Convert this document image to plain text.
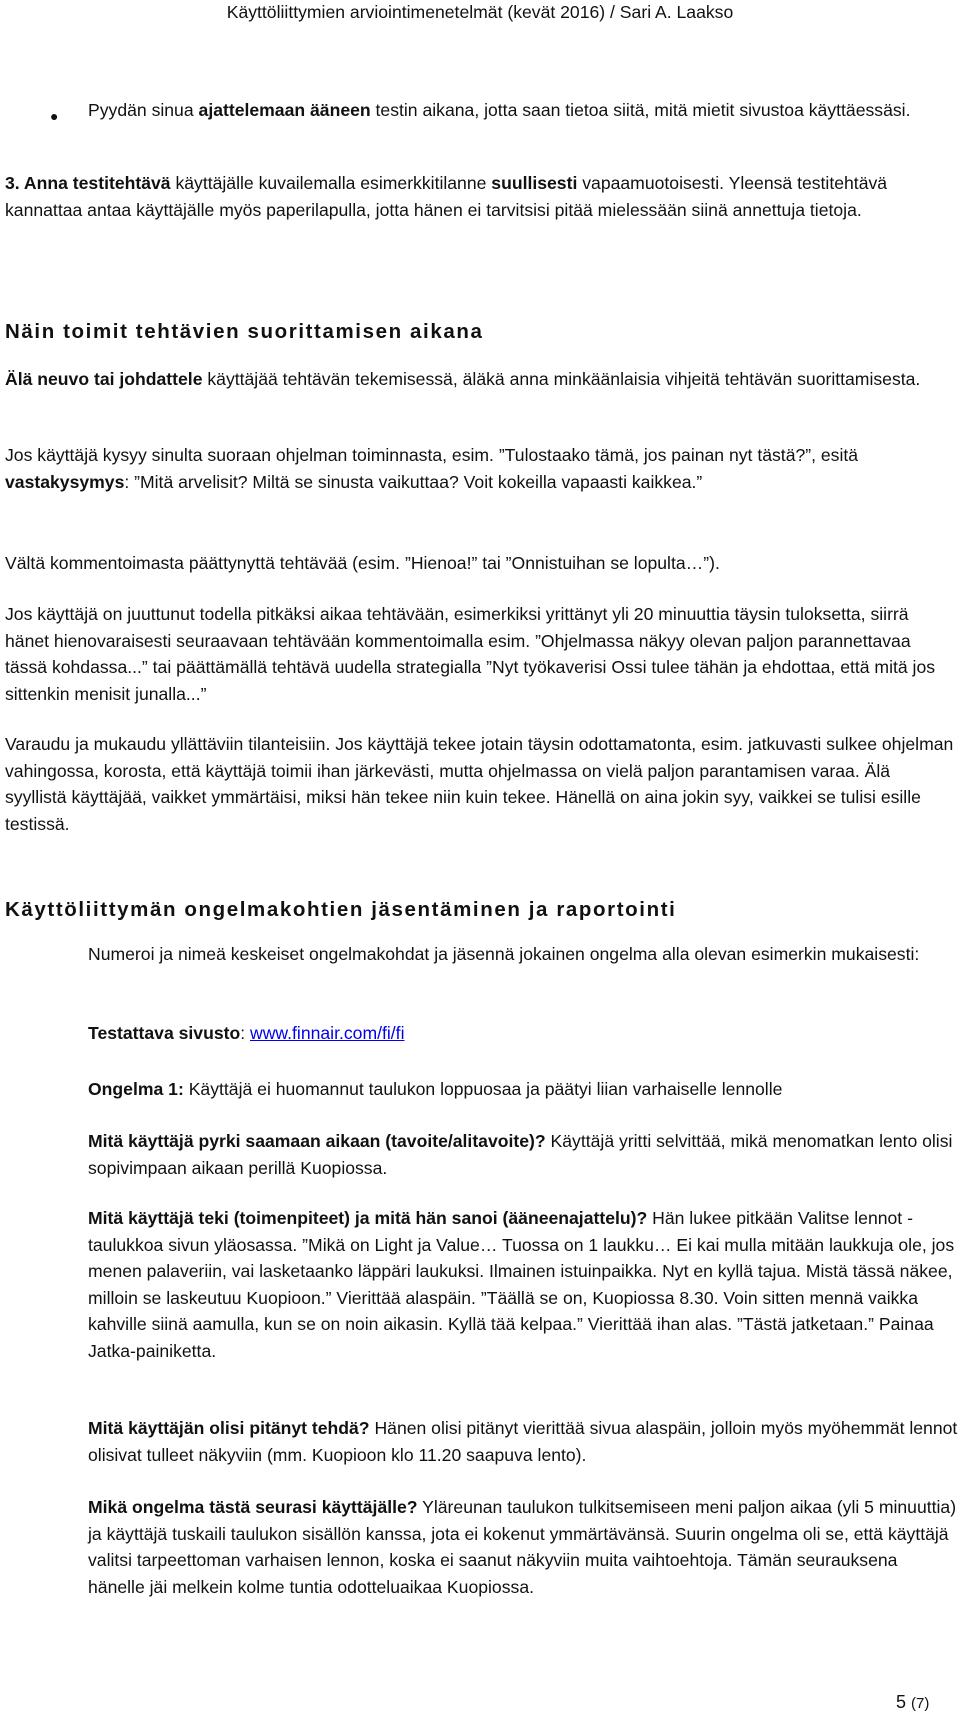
Käyttöliittymien arviointimenetelmät (kevät 2016) / Sari A. Laakso
● Pyydän sinua ajattelemaan ääneen testin aikana, jotta saan tietoa siitä, mitä mietit sivustoa käyttäessäsi.

3. Anna testitehtävä käyttäjälle kuvailemalla esimerkkitilanne suullisesti vapaamuotoisesti. Yleensä testitehtävä kannattaa antaa käyttäjälle myös paperilapulla, jotta hänen ei tarvitsisi pitää mielessään siinä annettuja tietoja.

Näin toimit tehtävien suorittamisen aikana

Älä neuvo tai johdattele käyttäjää tehtävän tekemisessä, äläkä anna minkäänlaisia vihjeitä tehtävän suorittamisesta.

Jos käyttäjä kysyy sinulta suoraan ohjelman toiminnasta, esim. ”Tulostaako tämä, jos painan nyt tästä?”, esitä vastakysymys: ”Mitä arvelisit? Miltä se sinusta vaikuttaa? Voit kokeilla vapaasti kaikkea.”

Vältä kommentoimasta päättynyttä tehtävää (esim. ”Hienoa!” tai ”Onnistuihan se lopulta…”).

Jos käyttäjä on juuttunut todella pitkäksi aikaa tehtävään, esimerkiksi yrittänyt yli 20 minuuttia täysin tuloksetta, siirrä hänet hienovaraisesti seuraavaan tehtävään kommentoimalla esim. ”Ohjelmassa näkyy olevan paljon parannettavaa tässä kohdassa...” tai päättämällä tehtävä uudella strategialla ”Nyt työkaverisi Ossi tulee tähän ja ehdottaa, että mitä jos sittenkin menisit junalla...”

Varaudu ja mukaudu yllättäviin tilanteisiin. Jos käyttäjä tekee jotain täysin odottamatonta, esim. jatkuvasti sulkee ohjelman vahingossa, korosta, että käyttäjä toimii ihan järkevästi, mutta ohjelmassa on vielä paljon parantamisen varaa. Älä syyllistä käyttäjää, vaikket ymmärtäisi, miksi hän tekee niin kuin tekee. Hänellä on aina jokin syy, vaikkei se tulisi esille testissä.

Käyttöliittymän ongelmakohtien jäsentäminen ja raportointi

Numeroi ja nimeä keskeiset ongelmakohdat ja jäsennä jokainen ongelma alla olevan esimerkin mukaisesti:

Testattava sivusto: www.finnair.com/fi/fi

Ongelma 1: Käyttäjä ei huomannut taulukon loppuosaa ja päätyi liian varhaiselle lennolle

Mitä käyttäjä pyrki saamaan aikaan (tavoite/alitavoite)? Käyttäjä yritti selvittää, mikä menomatkan lento olisi sopivimpaan aikaan perillä Kuopiossa.

Mitä käyttäjä teki (toimenpiteet) ja mitä hän sanoi (ääneenajattelu)? Hän lukee pitkään Valitse lennot -taulukkoa sivun yläosassa. ”Mikä on Light ja Value… Tuossa on 1 laukku… Ei kai mulla mitään laukkuja ole, jos menen palaveriin, vai lasketaanko läppäri laukuksi. Ilmainen istuinpaikka. Nyt en kyllä tajua. Mistä tässä näkee, milloin se laskeutuu Kuopioon.” Vierittää alaspäin. ”Täällä se on, Kuopiossa 8.30. Voin sitten mennä vaikka kahville siinä aamulla, kun se on noin aikasin. Kyllä tää kelpaa.” Vierittää ihan alas. ”Tästä jatketaan.” Painaa Jatka-painiketta.

Mitä käyttäjän olisi pitänyt tehdä? Hänen olisi pitänyt vierittää sivua alaspäin, jolloin myös myöhemmät lennot olisivat tulleet näkyviin (mm. Kuopioon klo 11.20 saapuva lento).

Mikä ongelma tästä seurasi käyttäjälle? Yläreunan taulukon tulkitsemiseen meni paljon aikaa (yli 5 minuuttia) ja käyttäjä tuskaili taulukon sisällön kanssa, jota ei kokenut ymmärtävänsä. Suurin ongelma oli se, että käyttäjä valitsi tarpeettoman varhaisen lennon, koska ei saanut näkyviin muita vaihtoehtoja. Tämän seurauksena hänelle jäi melkein kolme tuntia odotteluaikaa Kuopiossa.

5 (7)
